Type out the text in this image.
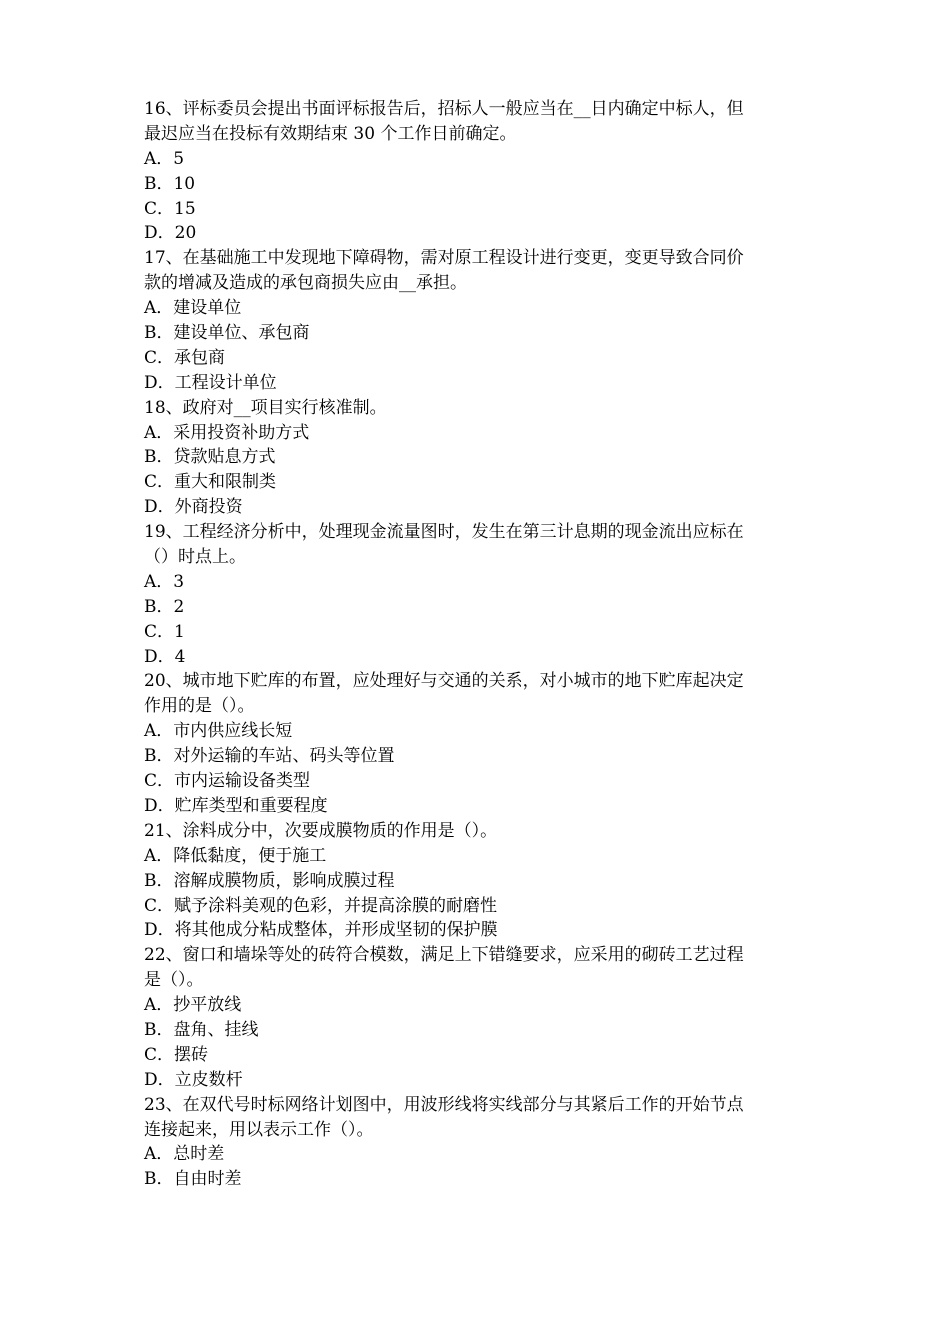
16、评标委员会提出书面评标报告后，招标人一般应当在__日内确定中标人，但
最迟应当在投标有效期结束 30 个工作日前确定。
A．5
B．10
C．15
D．20
17、在基础施工中发现地下障碍物，需对原工程设计进行变更，变更导致合同价
款的增减及造成的承包商损失应由__承担。
A．建设单位
B．建设单位、承包商
C．承包商
D．工程设计单位
18、政府对__项目实行核准制。
A．采用投资补助方式
B．贷款贴息方式
C．重大和限制类
D．外商投资
19、工程经济分析中，处理现金流量图时，发生在第三计息期的现金流出应标在
（）时点上。
A．3
B．2
C．1
D．4
20、城市地下贮库的布置，应处理好与交通的关系，对小城市的地下贮库起决定
作用的是（）。
A．市内供应线长短
B．对外运输的车站、码头等位置
C．市内运输设备类型
D．贮库类型和重要程度
21、涂料成分中，次要成膜物质的作用是（）。
A．降低黏度，便于施工
B．溶解成膜物质，影响成膜过程
C．赋予涂料美观的色彩，并提高涂膜的耐磨性
D．将其他成分粘成整体，并形成坚韧的保护膜
22、窗口和墙垛等处的砖符合模数，满足上下错缝要求，应采用的砌砖工艺过程
是（）。
A．抄平放线
B．盘角、挂线
C．摆砖
D．立皮数杆
23、在双代号时标网络计划图中，用波形线将实线部分与其紧后工作的开始节点
连接起来，用以表示工作（）。
A．总时差
B．自由时差
